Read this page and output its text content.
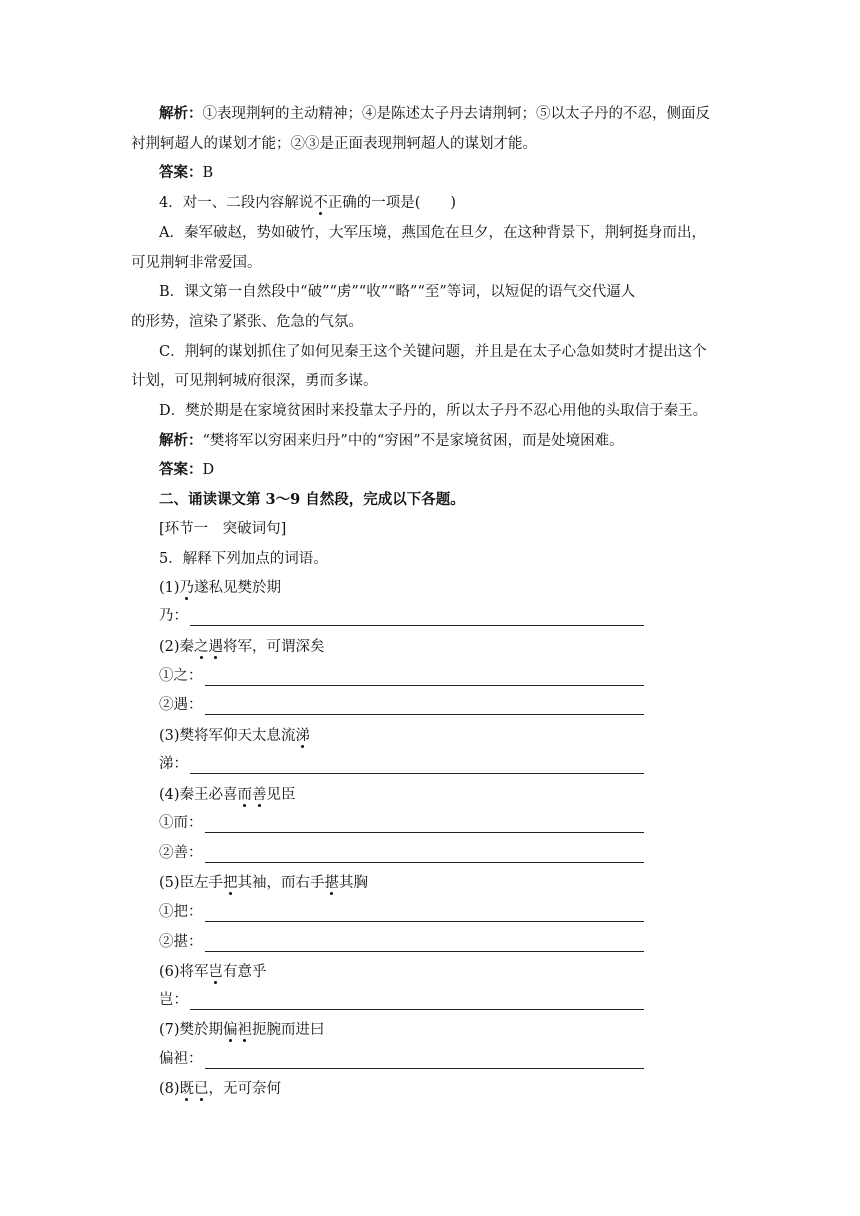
解析：①表现荆轲的主动精神；④是陈述太子丹去请荆轲；⑤以太子丹的不忍，侧面反
衬荆轲超人的谋划才能；②③是正面表现荆轲超人的谋划才能。
答案：B
4．对一、二段内容解说不正确的一项是( )
A．秦军破赵，势如破竹，大军压境，燕国危在旦夕，在这种背景下，荆轲挺身而出，
可见荆轲非常爱国。
B．课文第一自然段中“破”“虏”“收”“略”“至”等词，以短促的语气交代逼人
的形势，渲染了紧张、危急的气氛。
C．荆轲的谋划抓住了如何见秦王这个关键问题，并且是在太子心急如焚时才提出这个
计划，可见荆轲城府很深，勇而多谋。
D．樊於期是在家境贫困时来投靠太子丹的，所以太子丹不忍心用他的头取信于秦王。
解析：“樊将军以穷困来归丹”中的“穷困”不是家境贫困，而是处境困难。
答案：D
二、诵读课文第 3～9 自然段，完成以下各题。
[环节一　突破词句]
5．解释下列加点的词语。
(1)乃遂私见樊於期
乃：
(2)秦之遇将军，可谓深矣
①之：
②遇：
(3)樊将军仰天太息流涕
涕：
(4)秦王必喜而善见臣
①而：
②善：
(5)臣左手把其袖，而右手揕其胸
①把：
②揕：
(6)将军岂有意乎
岂：
(7)樊於期偏袒扼腕而进曰
偏袒：
(8)既已，无可奈何
